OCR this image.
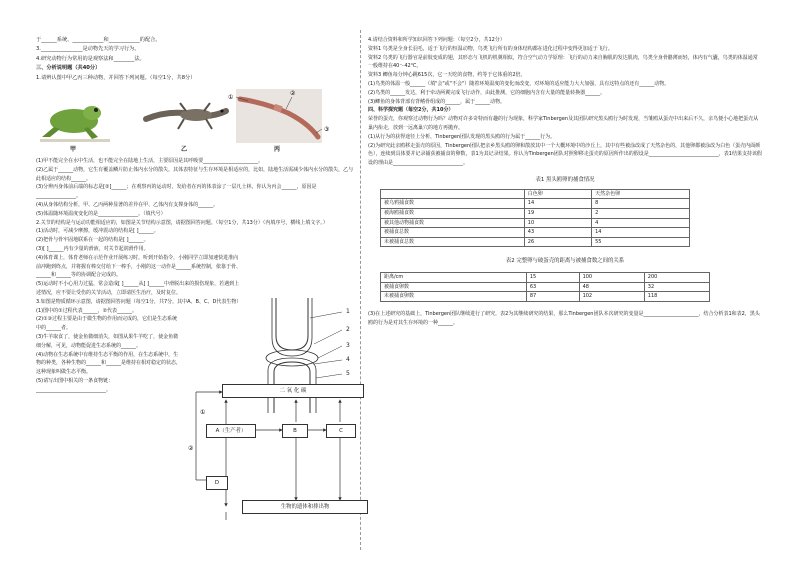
于______系统、____________和____________的配合。
3.________________是动物先天的学习行为。
4.研究动物行为常用的是观察法和________法。
三、分析说明题（共40分）
1.请辨认图中甲乙丙三种动物，并回答下列问题。（每空1分，共8分）
①
②
③
甲	乙	丙
(1)甲不能完全在水中生活，也不能完全在陆地上生活，主要原因是其呼吸要______________________。
(2)乙属于______动物，它生有覆盖鳞片防止体内水分的散失，其体表特征与生存环境是相适应的，比如，陆地生活需减少体内水分的散失，乙与此相适应的结构______。
(3)分辨丙身体前后端的标志是[②]______；在观察丙的运动时，发给者在丙的体表涂了一层凡士林，你认为丙会______，原因是________________。
(4)从身体结构分析，甲、乙丙两种显著的差异在甲、乙体内有支撑身体的______。
(5)体温随环境温度变化的是________________。（填代号）
2.关节的结构是与运动功能相适应的，如图是关节结构示意图，请据图回答问题。（每空1分，共13分）（内填序号，横线上填文字。）
(1)活动时，可减少摩擦，缓冲震动的结构是[ ]______。
(2)把骨与骨牢固地联系在一起的结构是[ ]______。
(3)[ ]______内有少量的滑液，对关节起润滑作用。
(4)体育课上，体育老师在示范作业开展练习时，听到开始指令，小刚同学立即加速快进准向前冲跑到终点，并将握有棒交付给下一棒手，小刚的这一动作是______系统控制，依靠于骨、______和______等的协调配合完成的。
(5)运动时不小心用力过猛，常会造成[ ]______从[ ]______中滑脱出来的损伤现象，若遇到上述情况，应不要让受伤的关节活动，立即请医生治疗，及时复位。
3.如图是物质循环示意图，请据图回答问题（每空1分，共7分，其中A、B、C、D代表生物）
(1)图中的①过程代表______，②代表______。
(2)①③过程主要是由于微生物的作用而完成的，它们是生态系统中的______者。
(3)牛羊取食了，使金鱼微细消失，如图从果牛羊吃了，使金鱼微细分解，可见，动物能促进生态系统的______。
(4)动物在生态系统中有维持生态平衡的作用，在生态系统中，生物的种类，各种生物的______和______是维持在相对稳定的状态，这种现象叫做生态平衡。
(5)请写出图中相关的一条食物链：____________________________。
1
2
3
4
5
①
②
二 氧 化 碳
A（生产者）	B	C
D
生物的遗体和排出物
4.请结合资料和所学知识回答下列问题：（每空2分，共12分）
资料1 鸟类是全身长羽毛，适于飞行的恒温动物，鸟类飞行所有的身体结构都在进化过程中变得更加适于飞行。
资料2 鸟类的飞行器官是前肢变成的翅，其形态与飞机的机翼相似，符合空气动力学原理：飞行的动力来自胸肌的发达肌肉，鸟类全身骨骼薄而轻，体内有气囊，鸟类的体温通常一般维持在40～42℃。
资料3 鲫鱼每分钟心跳615次，它一天吃的食物，约等于它体重的2倍。
(1)鸟类的体温一般______（填"会"或"不会"）随着环境温度的变化而改变，对环境的适应能力大大加强，具有这特点的还有______动物。
(2)鸟类的______发达，利于牵动两翼完成飞行动作，由此推测，它的细胞内含有大量的能量转换器______。
(3)鲫鱼的身体背部有背鳍骨组成的______，属于______动物。
四、科学探究题（每空2分，共10分）
荣誉的蛋壳，你观察过动物行为吗？动物对许多奇特而有趣的行为现象，科学家Tinbergen及其团队研究黑头鸥行为时发现，当雏鸥从蛋壳中出来后不久，亲鸟便小心地把蛋壳从巢内衔走，放到一远离巢穴的地方再抛弃。
(1)从行为的获得途径上分析，Tinbergen团队发现的黑头鸥的行为属于______行为。
(2)为研究此亲鸥移走蛋壳的原因，Tinbergen团队把亲乡黑头鸥的卵和散放其中一个大概环境中的沙丘上，其中有些被涂改成了天然杂色的，其他卵都被涂改为白色（蛋壳内面颜色），连续到具体要并记录捕获被捕食的卵数，表1为其记录结果。你认为Tinbergen团队对照卵移走蛋壳的原因所作出的假设是____________________________，表1结果支持该假设的理由是____________________________。
表1 黑头鸥卵的捕食情况
	白色卵	天然杂色卵
被乌鸦捕食数	14	8
被海鸥捕食数	19	2
被其他动物捕食数	10	4
被捕食总数	43	14
未被捕食总数	26	55
表2 完整卵与破蛋壳的距离与被捕食数之间的关系
距离/cm	15	100	200
被捕食卵数	63	48	32
未被捕食卵数	87	102	118
(3)在上述研究的基础上，Tinbergen团队继续进行了研究，表2为其继续研究的结果，那么Tinbergen团队本次研究的变量是______________________，结合分析表1和表2，黑头鸥的行为是对其生存环境的一种______。
